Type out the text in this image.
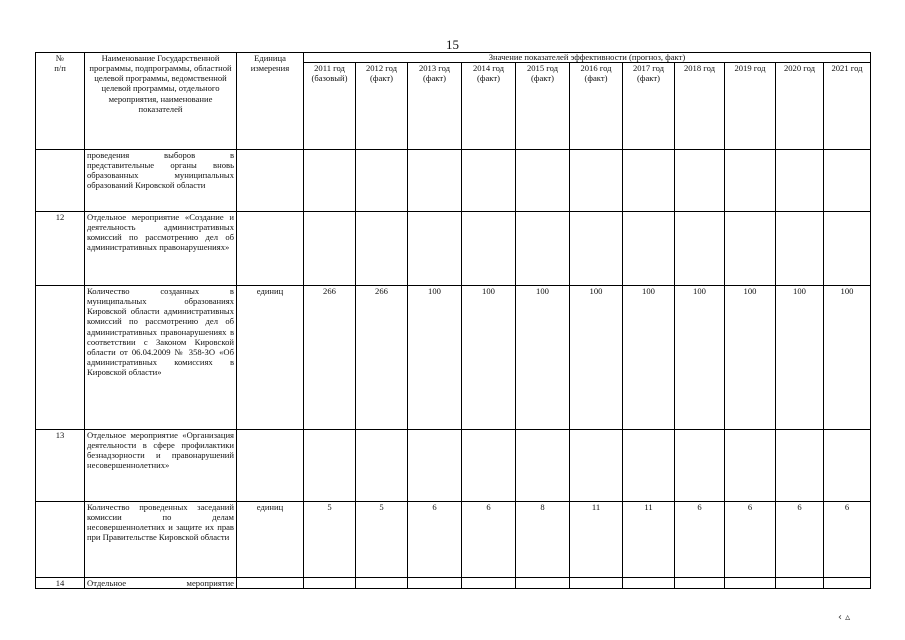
15
№
п/п	Наименование Государственной программы, подпрограммы, областной целевой программы, ведомственной целевой программы, отдельного мероприятия, наименование показателей	Единица измерения	Значение показателей эффективности (прогноз, факт)										
			2011 год (базовый)	2012 год (факт)	2013 год (факт)	2014 год (факт)	2015 год (факт)	2016 год (факт)	2017 год (факт)	2018 год	2019 год	2020 год	2021 год
	проведения выборов в представительные органы вновь образованных муниципальных образований Кировской области												
12	Отдельное мероприятие «Создание и деятельность административных комиссий по рассмотрению дел об административных правонарушениях»												
	Количество созданных в муниципальных образованиях Кировской области административных комиссий по рассмотрению дел об административных правонарушениях в соответствии с Законом Кировской области от 06.04.2009 № 358-ЗО «Об административных комиссиях в Кировской области»	единиц	266	266	100	100	100	100	100	100	100	100	100
13	Отдельное мероприятие «Организация деятельности в сфере профилактики безнадзорности и правонарушений несовершеннолетних»												
	Количество проведенных заседаний комиссии по делам несовершеннолетних и защите их прав при Правительстве Кировской области	единиц	5	5	6	6	8	11	11	6	6	6	6
14	Отдельное мероприятие												
‹ ▵
